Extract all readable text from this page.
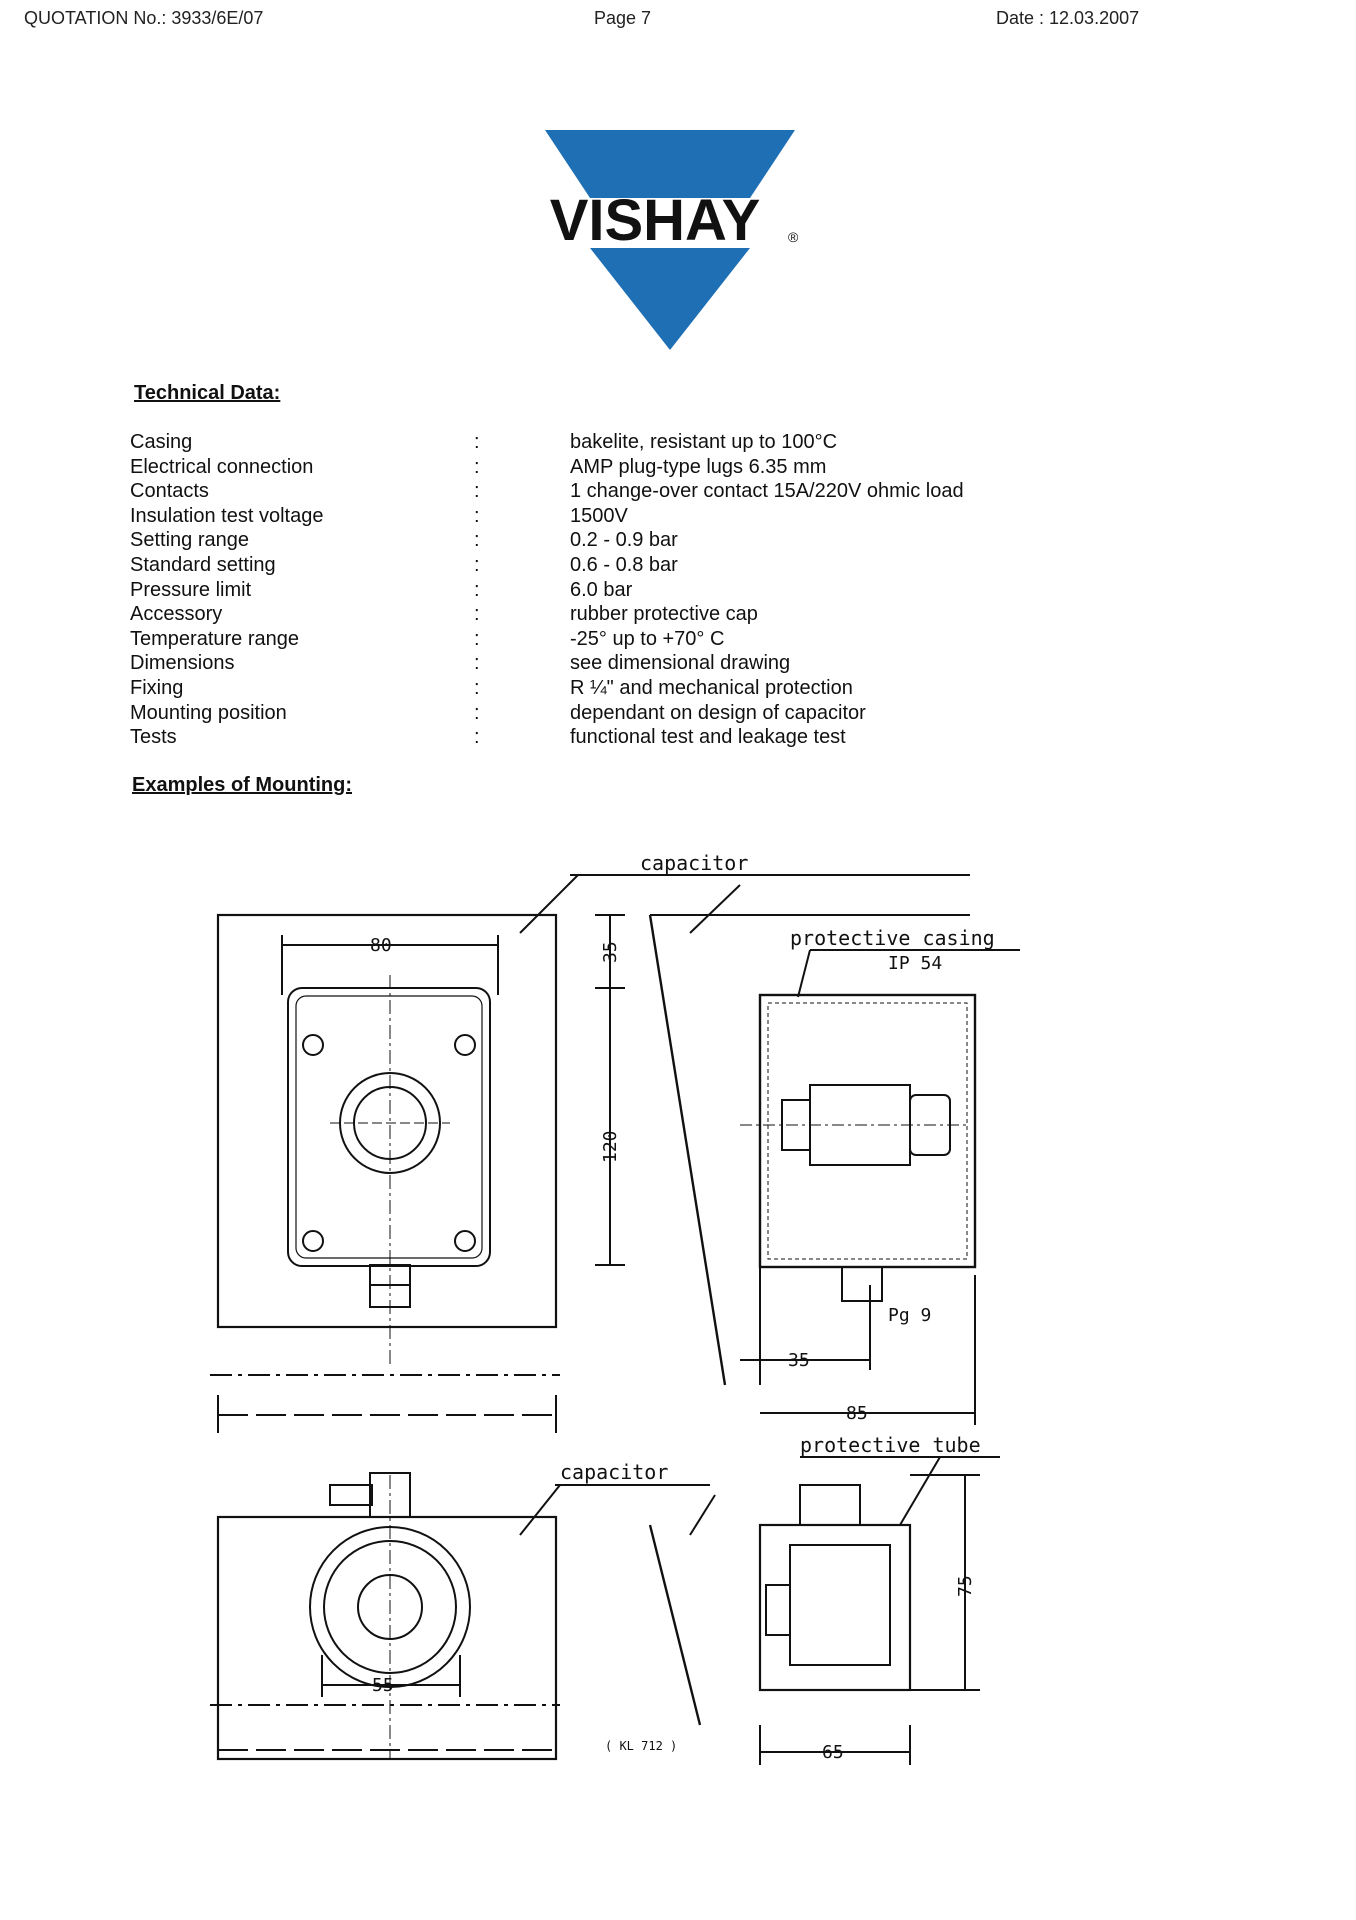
QUOTATION No.: 3933/6E/07	Page 7	Date : 12.03.2007
VISHAY ®
Technical Data:
Casing	:	bakelite, resistant up to 100°C
Electrical connection	:	AMP plug-type lugs 6.35 mm
Contacts	:	1 change-over contact 15A/220V ohmic load
Insulation test voltage	:	1500V
Setting range	:	0.2 - 0.9 bar
Standard setting	:	0.6 - 0.8 bar
Pressure limit	:	6.0 bar
Accessory	:	rubber protective cap
Temperature range	:	-25° up to +70° C
Dimensions	:	see dimensional drawing
Fixing	:	R ¼" and mechanical protection
Mounting position	:	dependant on design of capacitor
Tests	:	functional test and leakage test
Examples of Mounting:
capacitor
protective casing
IP 54
80	35
120
Pg 9
35
85
protective tube
capacitor
75
55
( KL 712 )	65
